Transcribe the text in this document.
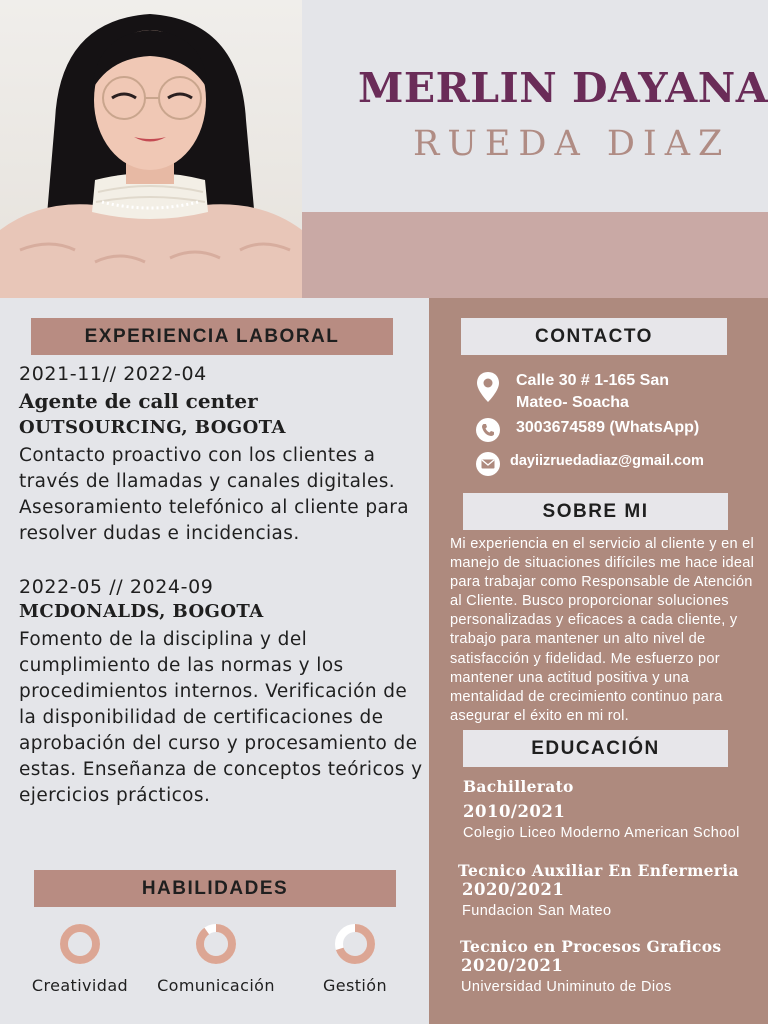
MERLIN DAYANA
RUEDA DIAZ
EXPERIENCIA LABORAL
2021-11// 2022-04
Agente de call center
OUTSOURCING, BOGOTA
Contacto proactivo con los clientes a través de llamadas y canales digitales. Asesoramiento telefónico al cliente para resolver dudas e incidencias.
2022-05 // 2024-09
MCDONALDS, BOGOTA
Fomento de la disciplina y del cumplimiento de las normas y los procedimientos internos. Verificación de la disponibilidad de certificaciones de aprobación del curso y procesamiento de estas. Enseñanza de conceptos teóricos y ejercicios prácticos.
HABILIDADES
Creatividad	Comunicación	Gestión
CONTACTO
Calle 30 # 1-165 San
Mateo- Soacha
3003674589 (WhatsApp)
dayiizruedadiaz@gmail.com
SOBRE MI
Mi experiencia en el servicio al cliente y en el manejo de situaciones difíciles me hace ideal para trabajar como Responsable de Atención al Cliente. Busco proporcionar soluciones personalizadas y eficaces a cada cliente, y trabajo para mantener un alto nivel de satisfacción y fidelidad. Me esfuerzo por mantener una actitud positiva y una mentalidad de crecimiento continuo para asegurar el éxito en mi rol.
EDUCACIÓN
Bachillerato
2010/2021
Colegio Liceo Moderno American School
Tecnico Auxiliar En Enfermeria
2020/2021
Fundacion San Mateo
Tecnico en Procesos Graficos
2020/2021
Universidad Uniminuto de Dios
